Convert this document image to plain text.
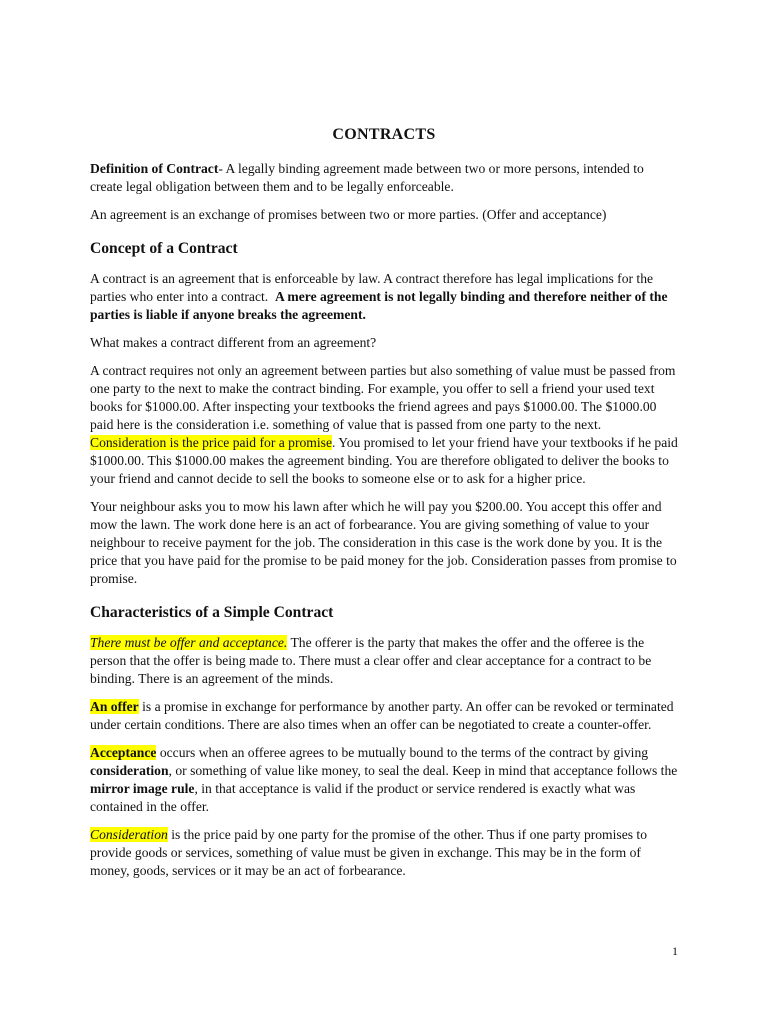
CONTRACTS

Definition of Contract- A legally binding agreement made between two or more persons, intended to create legal obligation between them and to be legally enforceable.

An agreement is an exchange of promises between two or more parties. (Offer and acceptance)

Concept of a Contract

A contract is an agreement that is enforceable by law. A contract therefore has legal implications for the parties who enter into a contract. A mere agreement is not legally binding and therefore neither of the parties is liable if anyone breaks the agreement.

What makes a contract different from an agreement?

A contract requires not only an agreement between parties but also something of value must be passed from one party to the next to make the contract binding. For example, you offer to sell a friend your used text books for $1000.00. After inspecting your textbooks the friend agrees and pays $1000.00. The $1000.00 paid here is the consideration i.e. something of value that is passed from one party to the next.  Consideration is the price paid for a promise. You promised to let your friend have your textbooks if he paid $1000.00. This $1000.00 makes the agreement binding. You are therefore obligated to deliver the books to your friend and cannot decide to sell the books to someone else or to ask for a higher price.

Your neighbour asks you to mow his lawn after which he will pay you $200.00. You accept this offer and mow the lawn. The work done here is an act of forbearance. You are giving something of value to your neighbour to receive payment for the job. The consideration in this case is the work done by you. It is the price that you have paid for the promise to be paid money for the job. Consideration passes from promise to promise.

Characteristics of a Simple Contract

There must be offer and acceptance. The offerer is the party that makes the offer and the offeree is the person that the offer is being made to. There must a clear offer and clear acceptance for a contract to be binding. There is an agreement of the minds.

An offer is a promise in exchange for performance by another party. An offer can be revoked or terminated under certain conditions. There are also times when an offer can be negotiated to create a counter-offer.

Acceptance occurs when an offeree agrees to be mutually bound to the terms of the contract by giving consideration, or something of value like money, to seal the deal. Keep in mind that acceptance follows the mirror image rule, in that acceptance is valid if the product or service rendered is exactly what was contained in the offer.

Consideration is the price paid by one party for the promise of the other. Thus if one party promises to provide goods or services, something of value must be given in exchange. This may be in the form of money, goods, services or it may be an act of forbearance.

1
